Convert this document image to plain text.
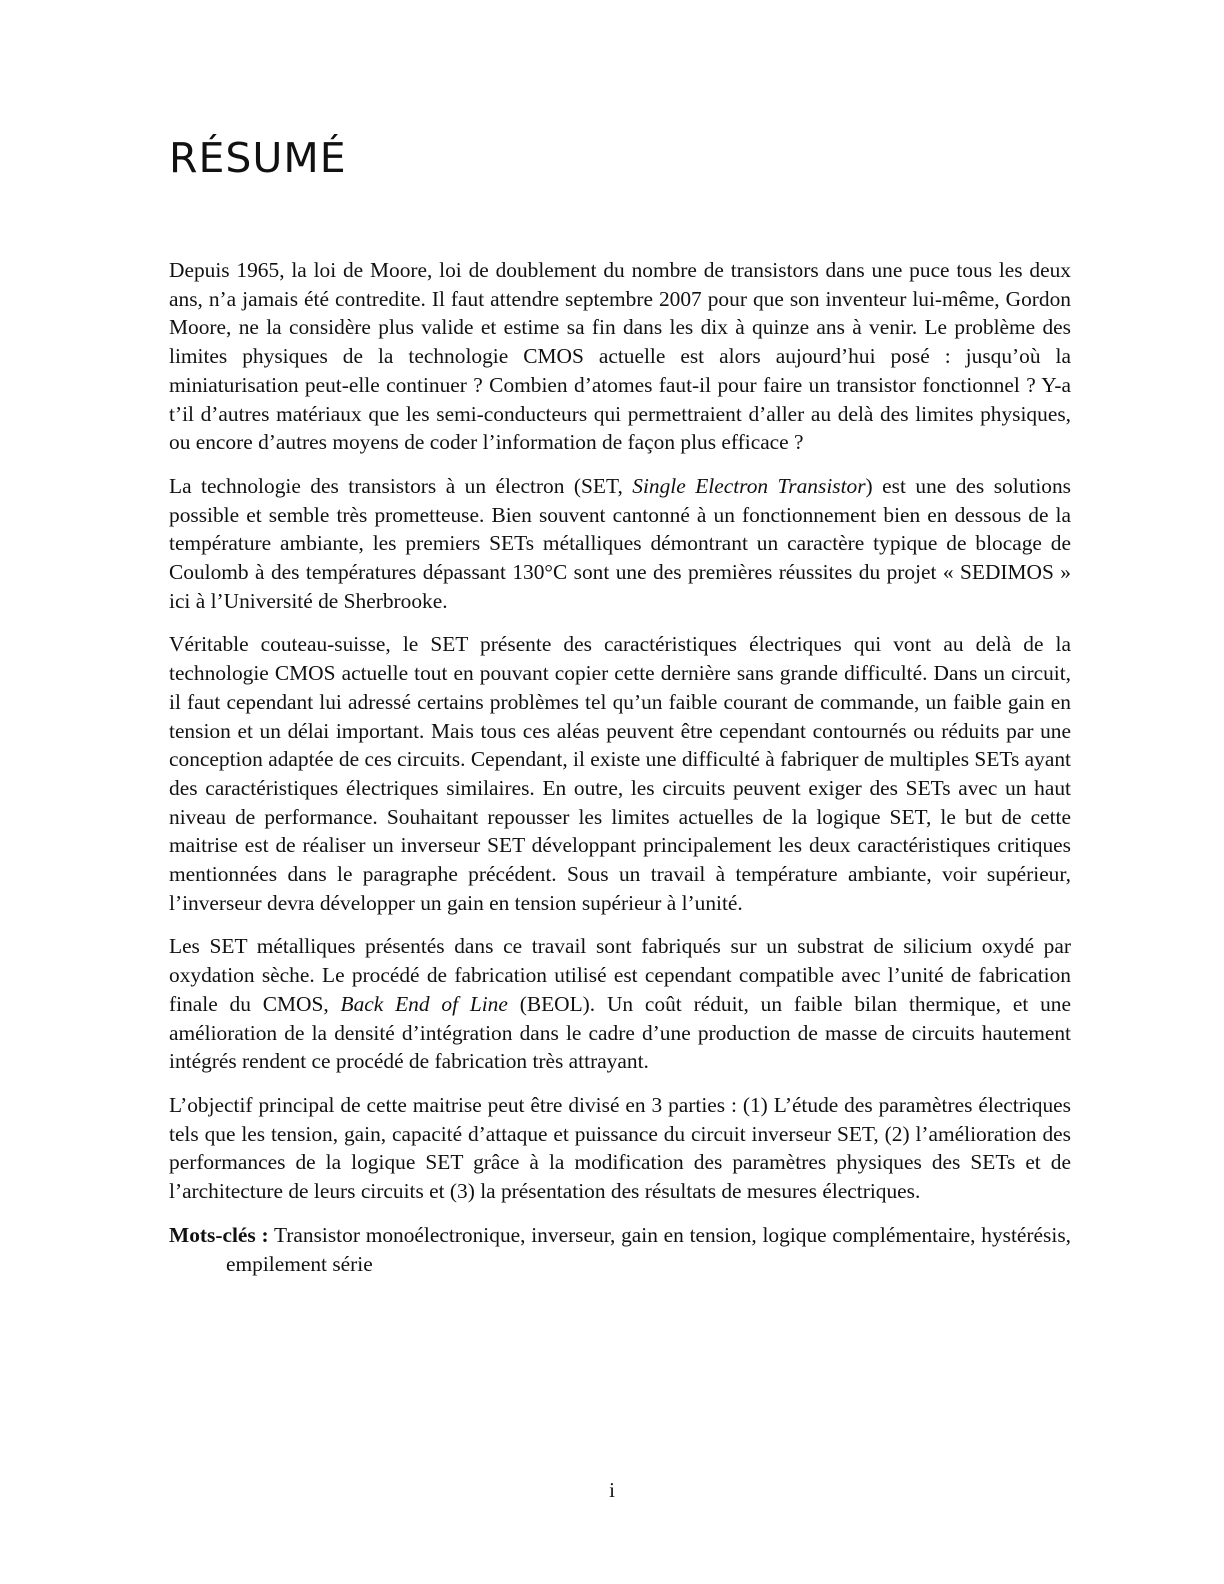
RÉSUMÉ

Depuis 1965, la loi de Moore, loi de doublement du nombre de transistors dans une puce tous les deux ans, n’a jamais été contredite. Il faut attendre septembre 2007 pour que son inventeur lui-même, Gordon Moore, ne la considère plus valide et estime sa fin dans les dix à quinze ans à venir. Le problème des limites physiques de la technologie CMOS actuelle est alors aujourd’hui posé : jusqu’où la miniaturisation peut-elle continuer ? Combien d’atomes faut-il pour faire un transistor fonctionnel ? Y-a t’il d’autres matériaux que les semi-conducteurs qui permettraient d’aller au delà des limites physiques, ou encore d’autres moyens de coder l’information de façon plus efficace ?

La technologie des transistors à un électron (SET, Single Electron Transistor) est une des solutions possible et semble très prometteuse. Bien souvent cantonné à un fonctionnement bien en dessous de la température ambiante, les premiers SETs métalliques démontrant un caractère typique de blocage de Coulomb à des températures dépassant 130°C sont une des premières réussites du projet « SEDIMOS » ici à l’Université de Sherbrooke.

Véritable couteau-suisse, le SET présente des caractéristiques électriques qui vont au delà de la technologie CMOS actuelle tout en pouvant copier cette dernière sans grande difficulté. Dans un circuit, il faut cependant lui adressé certains problèmes tel qu’un faible courant de commande, un faible gain en tension et un délai important. Mais tous ces aléas peuvent être cependant contournés ou réduits par une conception adaptée de ces circuits. Cependant, il existe une difficulté à fabriquer de multiples SETs ayant des caractéristiques électriques similaires. En outre, les circuits peuvent exiger des SETs avec un haut niveau de performance. Souhaitant repousser les limites actuelles de la logique SET, le but de cette maitrise est de réaliser un inverseur SET développant principalement les deux caractéristiques critiques mentionnées dans le paragraphe précédent. Sous un travail à température ambiante, voir supérieur, l’inverseur devra développer un gain en tension supérieur à l’unité.

Les SET métalliques présentés dans ce travail sont fabriqués sur un substrat de silicium oxydé par oxydation sèche. Le procédé de fabrication utilisé est cependant compatible avec l’unité de fabrication finale du CMOS, Back End of Line (BEOL). Un coût réduit, un faible bilan thermique, et une amélioration de la densité d’intégration dans le cadre d’une production de masse de circuits hautement intégrés rendent ce procédé de fabrication très attrayant.

L’objectif principal de cette maitrise peut être divisé en 3 parties : (1) L’étude des paramètres électriques tels que les tension, gain, capacité d’attaque et puissance du circuit inverseur SET, (2) l’amélioration des performances de la logique SET grâce à la modification des paramètres physiques des SETs et de l’architecture de leurs circuits et (3) la présentation des résultats de mesures électriques.

Mots-clés : Transistor monoélectronique, inverseur, gain en tension, logique complémentaire, hystérésis, empilement série

i
